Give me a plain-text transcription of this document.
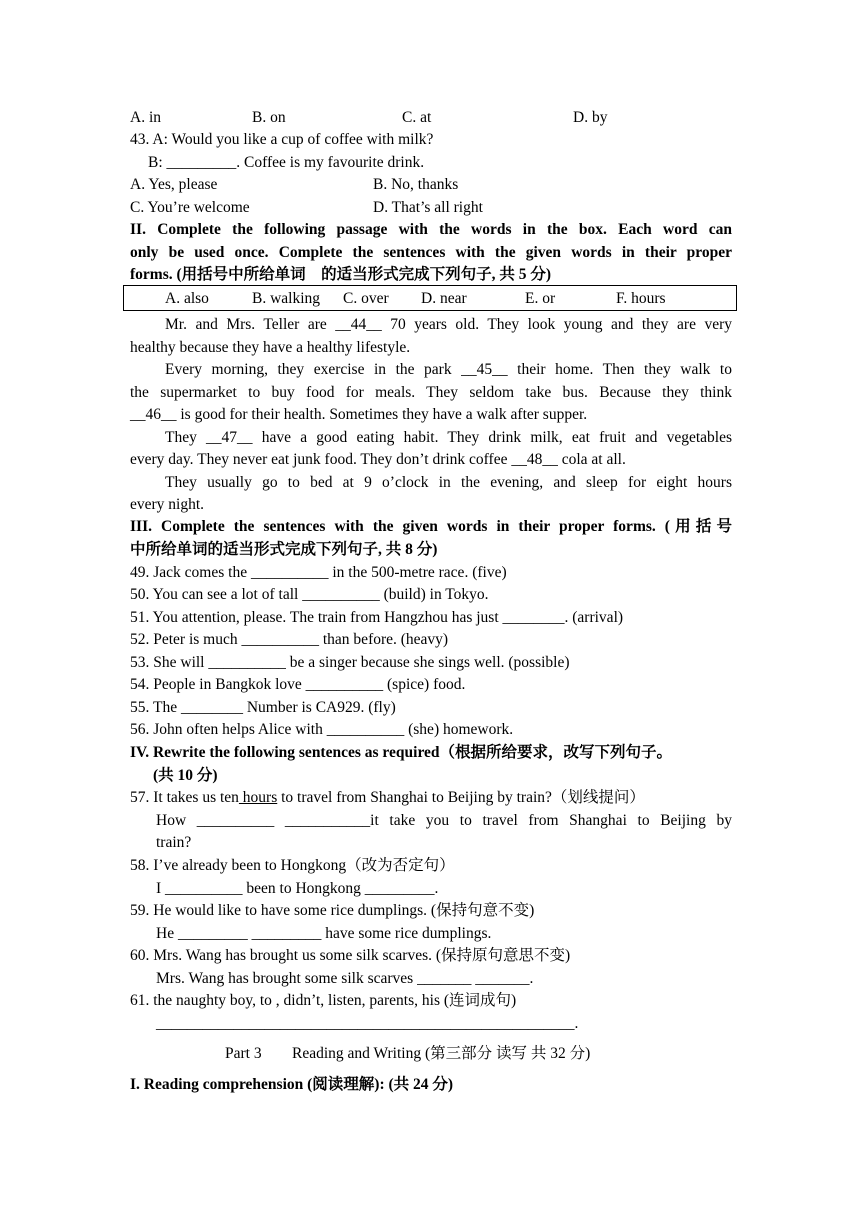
A. in	B. on	C. at	D. by
43. A: Would you like a cup of coffee with milk?
B: _________. Coffee is my favourite drink.
A. Yes, please	B. No, thanks
C. You’re welcome	D. That’s all right
II. Complete the following passage with the words in the box. Each word can
only be used once. Complete the sentences with the given words in their proper
forms. (用括号中所给单词　的适当形式完成下列句子, 共 5 分)
A. also	B. walking C. over D. near	E. or	F. hours
Mr. and Mrs. Teller are __44__ 70 years old. They look young and they are very
healthy because they have a healthy lifestyle.
Every morning, they exercise in the park __45__ their home. Then they walk to
the supermarket to buy food for meals. They seldom take bus. Because they think
__46__ is good for their health. Sometimes they have a walk after supper.
They __47__ have a good eating habit. They drink milk, eat fruit and vegetables
every day. They never eat junk food. They don’t drink coffee __48__ cola at all.
They usually go to bed at 9 o’clock in the evening, and sleep for eight hours
every night.
III. Complete the sentences with the given words in their proper forms. (用括号
中所给单词的适当形式完成下列句子, 共 8 分)
49. Jack comes the __________ in the 500-metre race. (five)
50. You can see a lot of tall __________ (build) in Tokyo.
51. You attention, please. The train from Hangzhou has just ________. (arrival)
52. Peter is much __________ than before. (heavy)
53. She will __________ be a singer because she sings well. (possible)
54. People in Bangkok love __________ (spice) food.
55. The ________ Number is CA929. (fly)
56. John often helps Alice with __________ (she) homework.
IV. Rewrite the following sentences as required（根据所给要求，改写下列句子。
(共 10 分)
57. It takes us ten hours to travel from Shanghai to Beijing by train?（划线提问）
How __________ ___________it take you to travel from Shanghai to Beijing by
train?
58. I’ve already been to Hongkong（改为否定句）
I __________ been to Hongkong _________.
59. He would like to have some rice dumplings. (保持句意不变)
He _________ _________ have some rice dumplings.
60. Mrs. Wang has brought us some silk scarves. (保持原句意思不变)
Mrs. Wang has brought some silk scarves _______ _______.
61. the naughty boy, to , didn’t, listen, parents, his (连词成句)
______________________________________________________.
Part 3 Reading and Writing (第三部分 读写 共 32 分)
I. Reading comprehension (阅读理解): (共 24 分)
